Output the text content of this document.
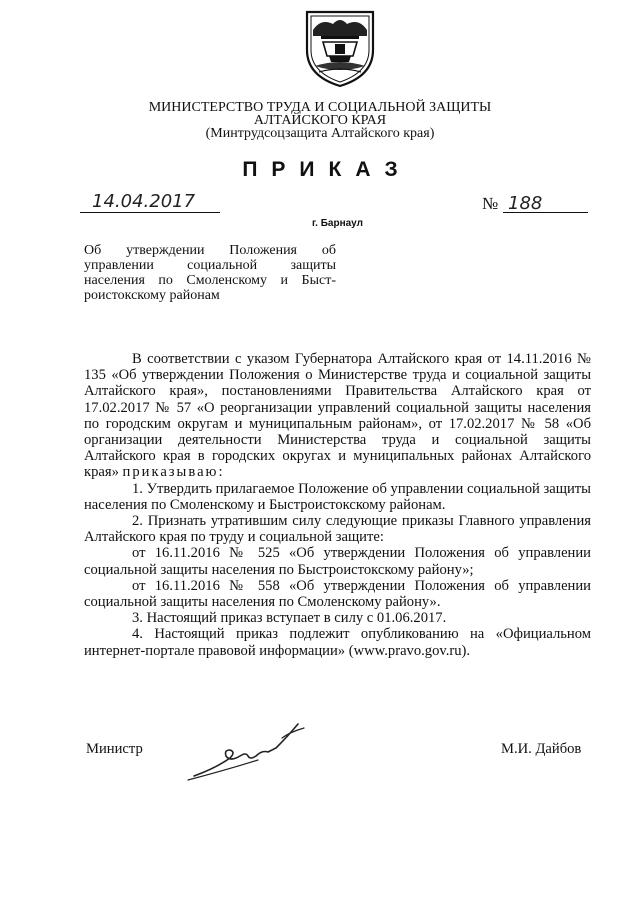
МИНИСТЕРСТВО ТРУДА И СОЦИАЛЬНОЙ ЗАЩИТЫ
АЛТАЙСКОГО КРАЯ
(Минтрудсоцзащита Алтайского края)
ПРИКАЗ
14.04.2017	№ 188
г. Барнаул
Об утверждении Положения об управлении социальной защиты населения по Смоленскому и Быст- роистокскому районам

В соответствии с указом Губернатора Алтайского края от 14.11.2016 № 135 «Об утверждении Положения о Министерстве труда и социальной защиты Алтайского края», постановлениями Правительства Алтайского края от 17.02.2017 № 57 «О реорганизации управлений социальной защиты населения по городским округам и муниципальным районам», от 17.02.2017 № 58 «Об организации деятельности Министерства труда и социальной защиты Алтайского края в городских округах и муниципальных районах Алтайского края» приказываю:

1. Утвердить прилагаемое Положение об управлении социальной защиты населения по Смоленскому и Быстроистокскому районам.

2. Признать утратившим силу следующие приказы Главного управления Алтайского края по труду и социальной защите:

от 16.11.2016 № 525 «Об утверждении Положения об управлении социальной защиты населения по Быстроистокскому району»;

от 16.11.2016 № 558 «Об утверждении Положения об управлении социальной защиты населения по Смоленскому району».

3. Настоящий приказ вступает в силу с 01.06.2017.

4. Настоящий приказ подлежит опубликованию на «Официальном интернет-портале правовой информации» (www.pravo.gov.ru).

Министр	М.И. Дайбов
